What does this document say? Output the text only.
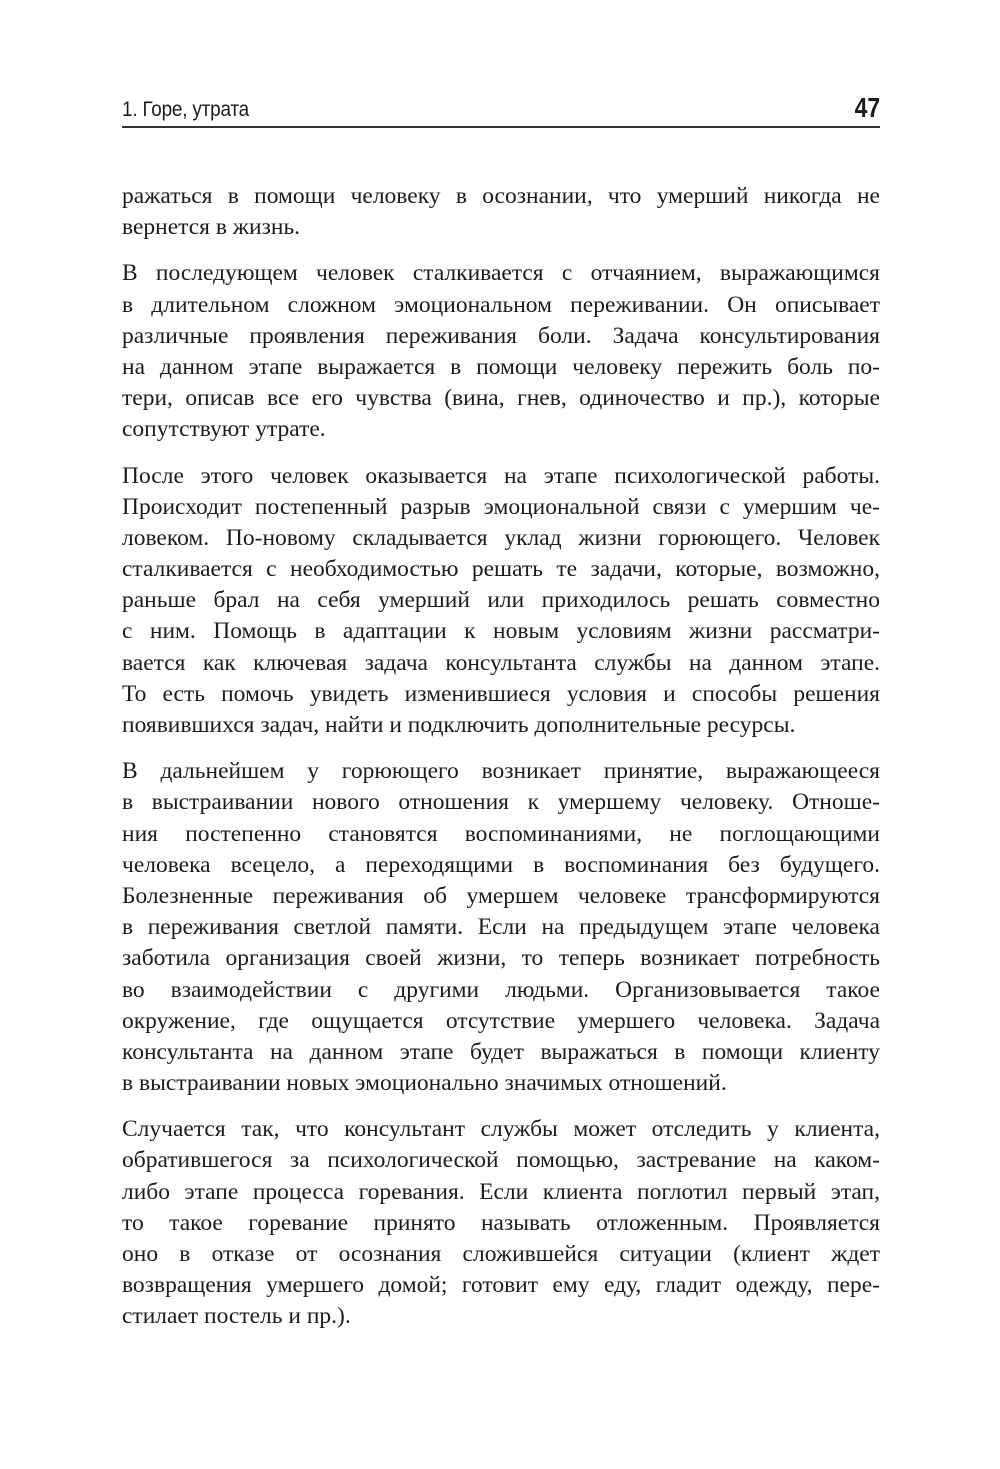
1. Горе, утрата	47
ражаться в помощи человеку в осознании, что умерший никогда не
вернется в жизнь.
В последующем человек сталкивается с отчаянием, выражающимся
в длительном сложном эмоциональном переживании. Он описывает
различные проявления переживания боли. Задача консультирования
на данном этапе выражается в помощи человеку пережить боль по-
тери, описав все его чувства (вина, гнев, одиночество и пр.), которые
сопутствуют утрате.
После этого человек оказывается на этапе психологической работы.
Происходит постепенный разрыв эмоциональной связи с умершим че-
ловеком. По-новому складывается уклад жизни горюющего. Человек
сталкивается с необходимостью решать те задачи, которые, возможно,
раньше брал на себя умерший или приходилось решать совместно
с ним. Помощь в адаптации к новым условиям жизни рассматри-
вается как ключевая задача консультанта службы на данном этапе.
То есть помочь увидеть изменившиеся условия и способы решения
появившихся задач, найти и подключить дополнительные ресурсы.
В дальнейшем у горюющего возникает принятие, выражающееся
в выстраивании нового отношения к умершему человеку. Отноше-
ния постепенно становятся воспоминаниями, не поглощающими
человека всецело, а переходящими в воспоминания без будущего.
Болезненные переживания об умершем человеке трансформируются
в переживания светлой памяти. Если на предыдущем этапе человека
заботила организация своей жизни, то теперь возникает потребность
во взаимодействии с другими людьми. Организовывается такое
окружение, где ощущается отсутствие умершего человека. Задача
консультанта на данном этапе будет выражаться в помощи клиенту
в выстраивании новых эмоционально значимых отношений.
Случается так, что консультант службы может отследить у клиента,
обратившегося за психологической помощью, застревание на каком-
либо этапе процесса горевания. Если клиента поглотил первый этап,
то такое горевание принято называть отложенным. Проявляется
оно в отказе от осознания сложившейся ситуации (клиент ждет
возвращения умершего домой; готовит ему еду, гладит одежду, пере-
стилает постель и пр.).
